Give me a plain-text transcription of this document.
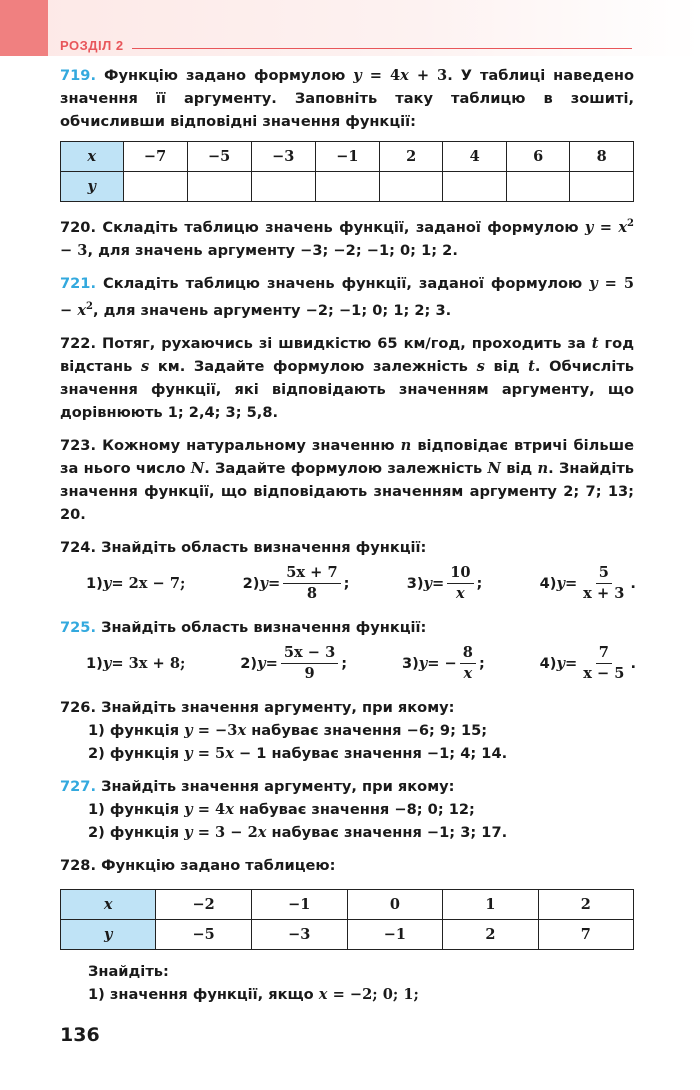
РОЗДІЛ 2
719. Функцію задано формулою y = 4x + 3. У таблиці наведено значення її аргументу. Заповніть таку таблицю в зошиті, обчисливши відповідні значення функції:
x	−7	−5	−3	−1	2	4	6	8
y								
720. Складіть таблицю значень функції, заданої формулою $y = x^2 - 3$, для значень аргументу −3; −2; −1; 0; 1; 2.
721. Складіть таблицю значень функції, заданої формулою $y = 5 - x^2$, для значень аргументу −2; −1; 0; 1; 2; 3.
722. Потяг, рухаючись зі швидкістю 65 км/год, проходить за t год відстань s км. Задайте формулою залежність s від t. Обчисліть значення функції, які відповідають значенням аргументу, що дорівнюють 1; 2,4; 3; 5,8.
723. Кожному натуральному значенню n відповідає втричі більше за нього число N. Задайте формулою залежність N від n. Знайдіть значення функції, що відповідають значенням аргументу 2; 7; 13; 20.
724. Знайдіть область визначення функції:
1) y = 2x − 7;	2) $y = \frac{5x + 7}{8}$ ;	3) $y = \frac{10}{x}$ ;	4) $y = \frac{5}{x + 3}$ .
725. Знайдіть область визначення функції:
1) y = 3x + 8;	2) $y = \frac{5x - 3}{9}$ ;	3) y = − $\frac{8}{x}$ ;	4) $y = \frac{7}{x - 5}$ .
726. Знайдіть значення аргументу, при якому:
1) функція y = −3x набуває значення −6; 9; 15;
2) функція y = 5x − 1 набуває значення −1; 4; 14.
727. Знайдіть значення аргументу, при якому:
1) функція y = 4x набуває значення −8; 0; 12;
2) функція y = 3 − 2x набуває значення −1; 3; 17.
728. Функцію задано таблицею:
x	−2	−1	0	1	2
y	−5	−3	−1	2	7
Знайдіть:
1) значення функції, якщо x = −2; 0; 1;
136
